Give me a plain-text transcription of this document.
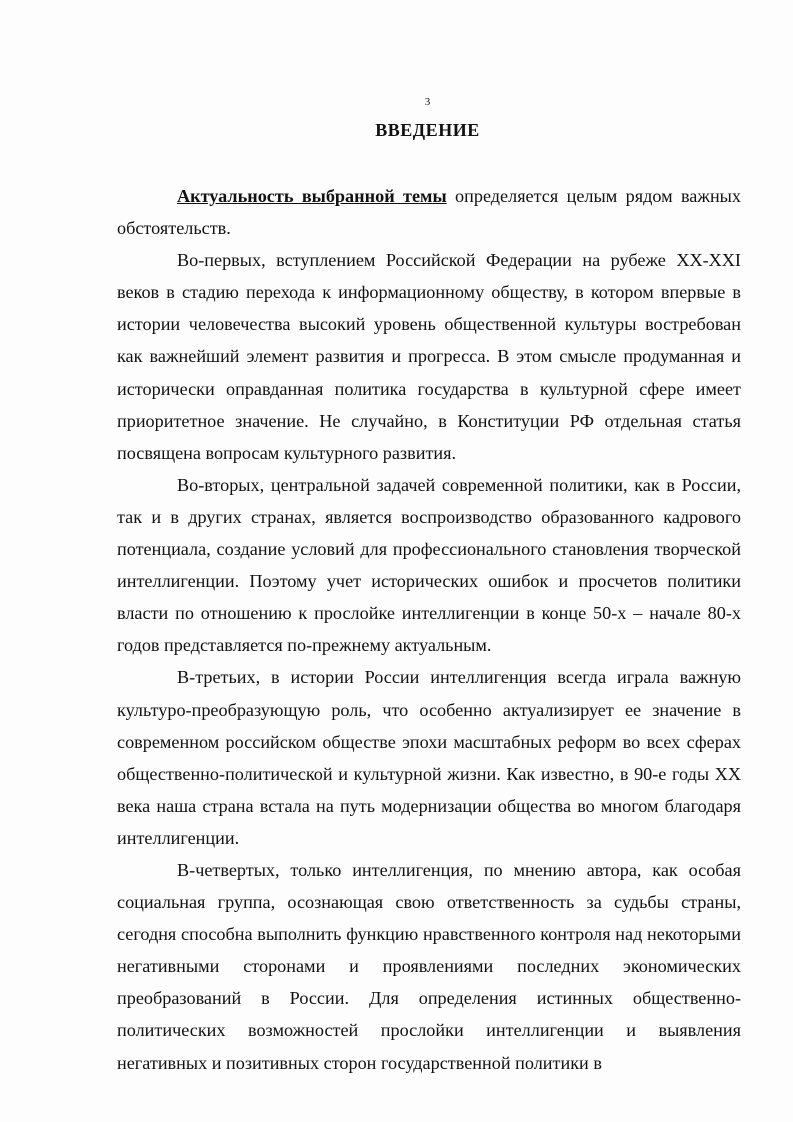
3
ВВЕДЕНИЕ

Актуальность выбранной темы определяется целым рядом важных обстоятельств.

Во-первых, вступлением Российской Федерации на рубеже XX-XXI веков в стадию перехода к информационному обществу, в котором впервые в истории человечества высокий уровень общественной культуры востребован как важнейший элемент развития и прогресса. В этом смысле продуманная и исторически оправданная политика государства в культурной сфере имеет приоритетное значение. Не случайно, в Конституции РФ отдельная статья посвящена вопросам культурного развития.

Во-вторых, центральной задачей современной политики, как в России, так и в других странах, является воспроизводство образованного кадрового потенциала, создание условий для профессионального становления творческой интеллигенции. Поэтому учет исторических ошибок и просчетов политики власти по отношению к прослойке интеллигенции в конце 50-х – начале 80-х годов представляется по-прежнему актуальным.

В-третьих, в истории России интеллигенция всегда играла важную культуро-преобразующую роль, что особенно актуализирует ее значение в современном российском обществе эпохи масштабных реформ во всех сферах общественно-политической и культурной жизни. Как известно, в 90-е годы XX века наша страна встала на путь модернизации общества во многом благодаря интеллигенции.

В-четвертых, только интеллигенция, по мнению автора, как особая социальная группа, осознающая свою ответственность за судьбы страны, сегодня способна выполнить функцию нравственного контроля над некоторыми негативными сторонами и проявлениями последних экономических преобразований в России. Для определения истинных общественно-политических возможностей прослойки интеллигенции и выявления негативных и позитивных сторон государственной политики в
